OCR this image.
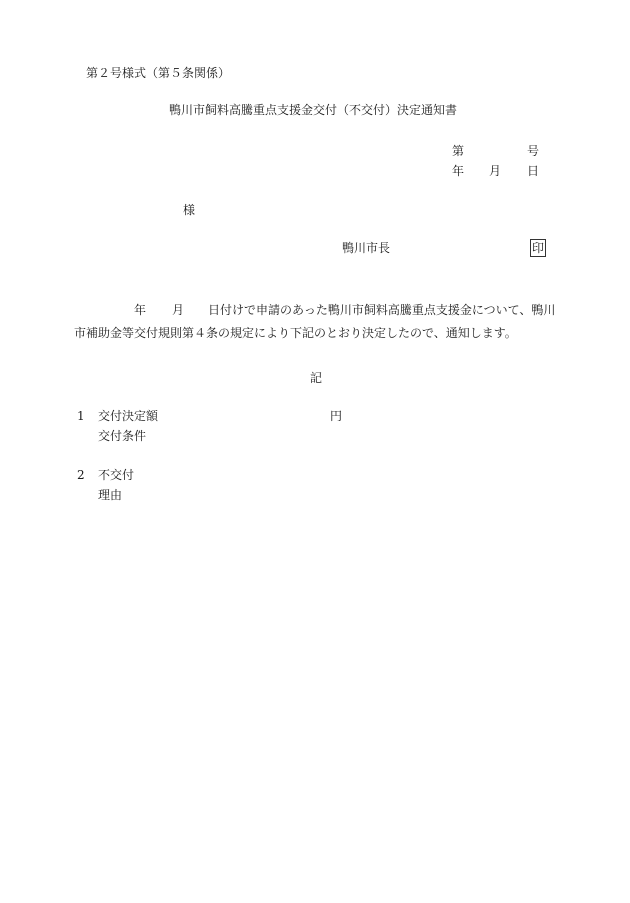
第２号様式（第５条関係）
鴨川市飼料高騰重点支援金交付（不交付）決定通知書
第	号
年 月 日
様
鴨川市長	印
年 月 日付けで申請のあった鴨川市飼料高騰重点支援金について、鴨川
市補助金等交付規則第４条の規定により下記のとおり決定したので、通知します。
記
1 交付決定額	円
交付条件
2 不交付
理由
